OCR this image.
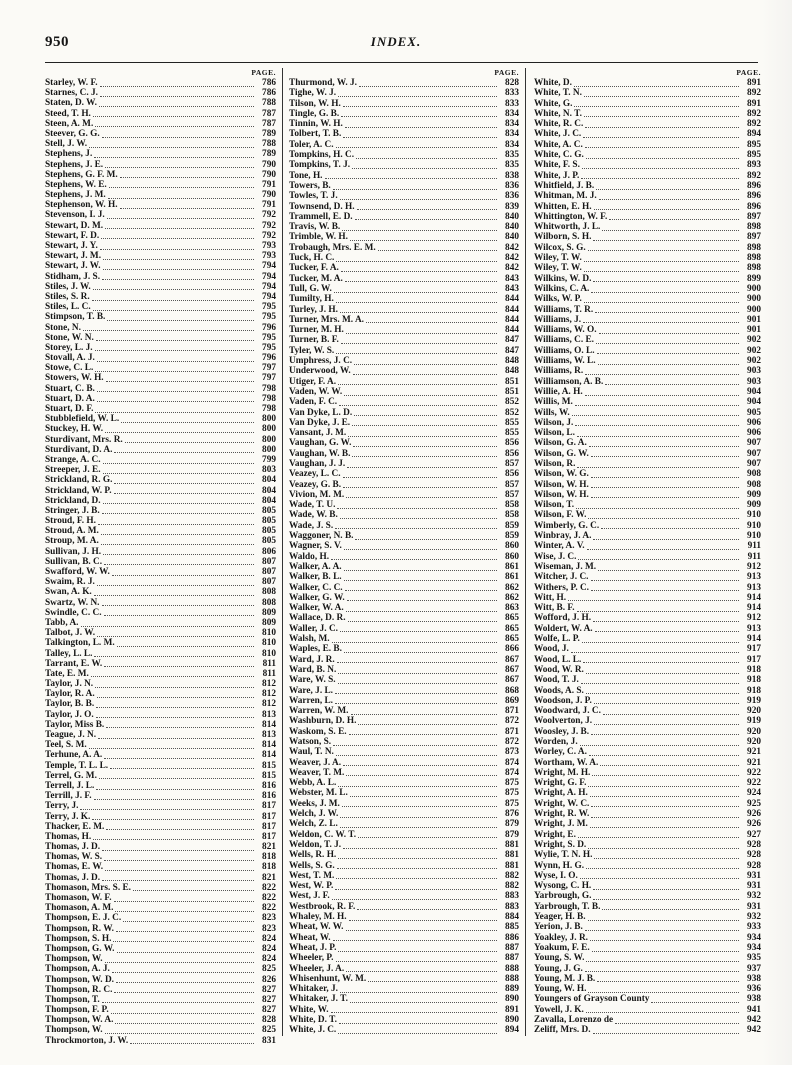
950	INDEX.
PAGE.
Starley, W. F.	786
Starnes, C. J.	786
Staten, D. W.	788
Steed, T. H.	787
Steen, A. M.	787
Steever, G. G.	789
Stell, J. W.	788
Stephens, J.	789
Stephens, J. E.	790
Stephens, G. F. M.	790
Stephens, W. E.	791
Stephens, J. M.	790
Stephenson, W. H.	791
Stevenson, I. J.	792
Stewart, D. M.	792
Stewart, F. D.	792
Stewart, J. Y.	793
Stewart, J. M.	793
Stewart, J. W.	794
Stidham, J. S.	794
Stiles, J. W.	794
Stiles, S. R.	794
Stiles, L. C.	795
Stimpson, T. B.	795
Stone, N.	796
Stone, W. N.	795
Storey, L. J.	795
Stovall, A. J.	796
Stowe, C. L.	797
Stowers, W. H.	797
Stuart, C. B.	798
Stuart, D. A.	798
Stuart, D. F.	798
Stubblefield, W. L.	800
Stuckey, H. W.	800
Sturdivant, Mrs. R.	800
Sturdivant, D. A.	800
Strange, A. C.	799
Streeper, J. E.	803
Strickland, R. G.	804
Strickland, W. P.	804
Strickland, D.	804
Stringer, J. B.	805
Stroud, F. H.	805
Stroud, A. M.	805
Stroup, M. A.	805
Sullivan, J. H.	806
Sullivan, B. C.	807
Swafford, W. W.	807
Swaim, R. J.	807
Swan, A. K.	808
Swartz, W. N.	808
Swindle, C. C.	809
Tabb, A.	809
Talbot, J. W.	810
Talkington, L. M.	810
Talley, L. L.	810
Tarrant, E. W.	811
Tate, E. M.	811
Taylor, J. N.	812
Taylor, R. A.	812
Taylor, B. B.	812
Taylor, J. O.	813
Taylor, Miss B.	814
Teague, J. N.	813
Teel, S. M.	814
Terhune, A. A.	814
Temple, T. L. L.	815
Terrel, G. M.	815
Terrell, J. L.	816
Terrill, J. F.	816
Terry, J.	817
Terry, J. K.	817
Thacker, E. M.	817
Thomas, H.	817
Thomas, J. D.	821
Thomas, W. S.	818
Thomas, E. W.	818
Thomas, J. D.	821
Thomason, Mrs. S. E.	822
Thomason, W. F.	822
Thomason, A. M.	822
Thompson, E. J. C.	823
Thompson, R. W.	823
Thompson, S. H.	824
Thompson, G. W.	824
Thompson, W.	824
Thompson, A. J.	825
Thompson, W. D.	826
Thompson, R. C.	827
Thompson, T.	827
Thompson, F. P.	827
Thompson, W. A.	828
Thompson, W.	825
Throckmorton, J. W.	831
PAGE.
Thurmond, W. J.	828
Tighe, W. J.	833
Tilson, W. H.	833
Tingle, G. B.	834
Tinnin, W. H.	834
Tolbert, T. B.	834
Toler, A. C.	834
Tompkins, H. C.	835
Tompkins, T. J.	835
Tone, H.	838
Towers, B.	836
Towles, T. J.	836
Townsend, D. H.	839
Trammell, E. D.	840
Travis, W. B.	840
Trimble, W. H.	840
Trobaugh, Mrs. E. M.	842
Tuck, H. C.	842
Tucker, F. A.	842
Tucker, M. A.	843
Tull, G. W.	843
Tumilty, H.	844
Turley, J. H.	844
Turner, Mrs. M. A.	844
Turner, M. H.	844
Turner, B. F.	847
Tyler, W. S.	847
Umphress, J. C.	848
Underwood, W.	848
Utiger, F. A.	851
Vaden, W. W.	851
Vaden, F. C.	852
Van Dyke, L. D.	852
Van Dyke, J. E.	855
Vansant, J. M.	855
Vaughan, G. W.	856
Vaughan, W. B.	856
Vaughan, J. J.	857
Veazey, L. C.	856
Veazey, G. B.	857
Vivion, M. M.	857
Wade, T. U.	858
Wade, W. B.	858
Wade, J. S.	859
Waggoner, N. B.	859
Wagner, S. V.	860
Waldo, H.	860
Walker, A. A.	861
Walker, B. L.	861
Walker, C. C.	862
Walker, G. W.	862
Walker, W. A.	863
Wallace, D. R.	865
Waller, J. C.	865
Walsh, M.	865
Waples, E. B.	866
Ward, J. R.	867
Ward, B. N.	867
Ware, W. S.	867
Ware, J. L.	868
Warren, L.	869
Warren, W. M.	871
Washburn, D. H.	872
Waskom, S. E.	871
Watson, S.	872
Waul, T. N.	873
Weaver, J. A.	874
Weaver, T. M.	874
Webb, A. L.	875
Webster, M. L.	875
Weeks, J. M.	875
Welch, J. W.	876
Welch, Z. L.	879
Weldon, C. W. T.	879
Weldon, T. J.	881
Wells, R. H.	881
Wells, S. G.	881
West, T. M.	882
West, W. P.	882
West, J. F.	883
Westbrook, R. F.	883
Whaley, M. H.	884
Wheat, W. W.	885
Wheat, W.	886
Wheat, J. P.	887
Wheeler, P.	887
Wheeler, J. A.	888
Whisenhunt, W. M.	888
Whitaker, J.	889
Whitaker, J. T.	890
White, W.	891
White, D. T.	890
White, J. C.	894
PAGE.
White, D.	891
White, T. N.	892
White, G.	891
White, N. T.	892
White, R. C.	892
White, J. C.	894
White, A. C.	895
White, C. G.	895
White, F. S.	893
White, J. P.	892
Whitfield, J. B.	896
Whitman, M. J.	896
Whitten, E. H.	896
Whittington, W. F.	897
Whitworth, J. L.	898
Wilborn, S. H.	897
Wilcox, S. G.	898
Wiley, T. W.	898
Wiley, T. W.	898
Wilkins, W. D.	899
Wilkins, C. A.	900
Wilks, W. P.	900
Williams, T. R.	900
Williams, J.	901
Williams, W. O.	901
Williams, C. E.	902
Williams, O. L.	902
Williams, W. L.	902
Williams, R.	903
Williamson, A. B.	903
Willie, A. H.	904
Willis, M.	904
Wills, W.	905
Wilson, J.	906
Wilson, L.	906
Wilson, G. A.	907
Wilson, G. W.	907
Wilson, R.	907
Wilson, W. G.	908
Wilson, W. H.	908
Wilson, W. H.	909
Wilson, T.	909
Wilson, F. W.	910
Wimberly, G. C.	910
Winbray, J. A.	910
Winter, A. V.	911
Wise, J. C.	911
Wiseman, J. M.	912
Witcher, J. C.	913
Withers, P. C.	913
Witt, H.	914
Witt, B. F.	914
Wofford, J. H.	912
Woldert, W. A.	913
Wolfe, L. P.	914
Wood, J.	917
Wood, L. L.	917
Wood, W. R.	918
Wood, T. J.	918
Woods, A. S.	918
Woodson, J. P.	919
Woodward, J. C.	920
Woolverton, J.	919
Woosley, J. B.	920
Worden, J.	920
Worley, C. A.	921
Wortham, W. A.	921
Wright, M. H.	922
Wright, G. F.	922
Wright, A. H.	924
Wright, W. C.	925
Wright, R. W.	926
Wright, J. M.	926
Wright, E.	927
Wright, S. D.	928
Wylie, T. N. H.	928
Wynn, H. G.	928
Wyse, I. O.	931
Wysong, C. H.	931
Yarbrough, G.	932
Yarbrough, T. B.	931
Yeager, H. B.	932
Yerion, J. B.	933
Yoakley, J. R.	934
Yoakum, F. E.	934
Young, S. W.	935
Young, J. G.	937
Young, M. J. B.	938
Young, W. H.	936
Youngers of Grayson County	938
Yowell, J. K.	941
Zavalla, Lorenzo de	942
Zeliff, Mrs. D.	942
